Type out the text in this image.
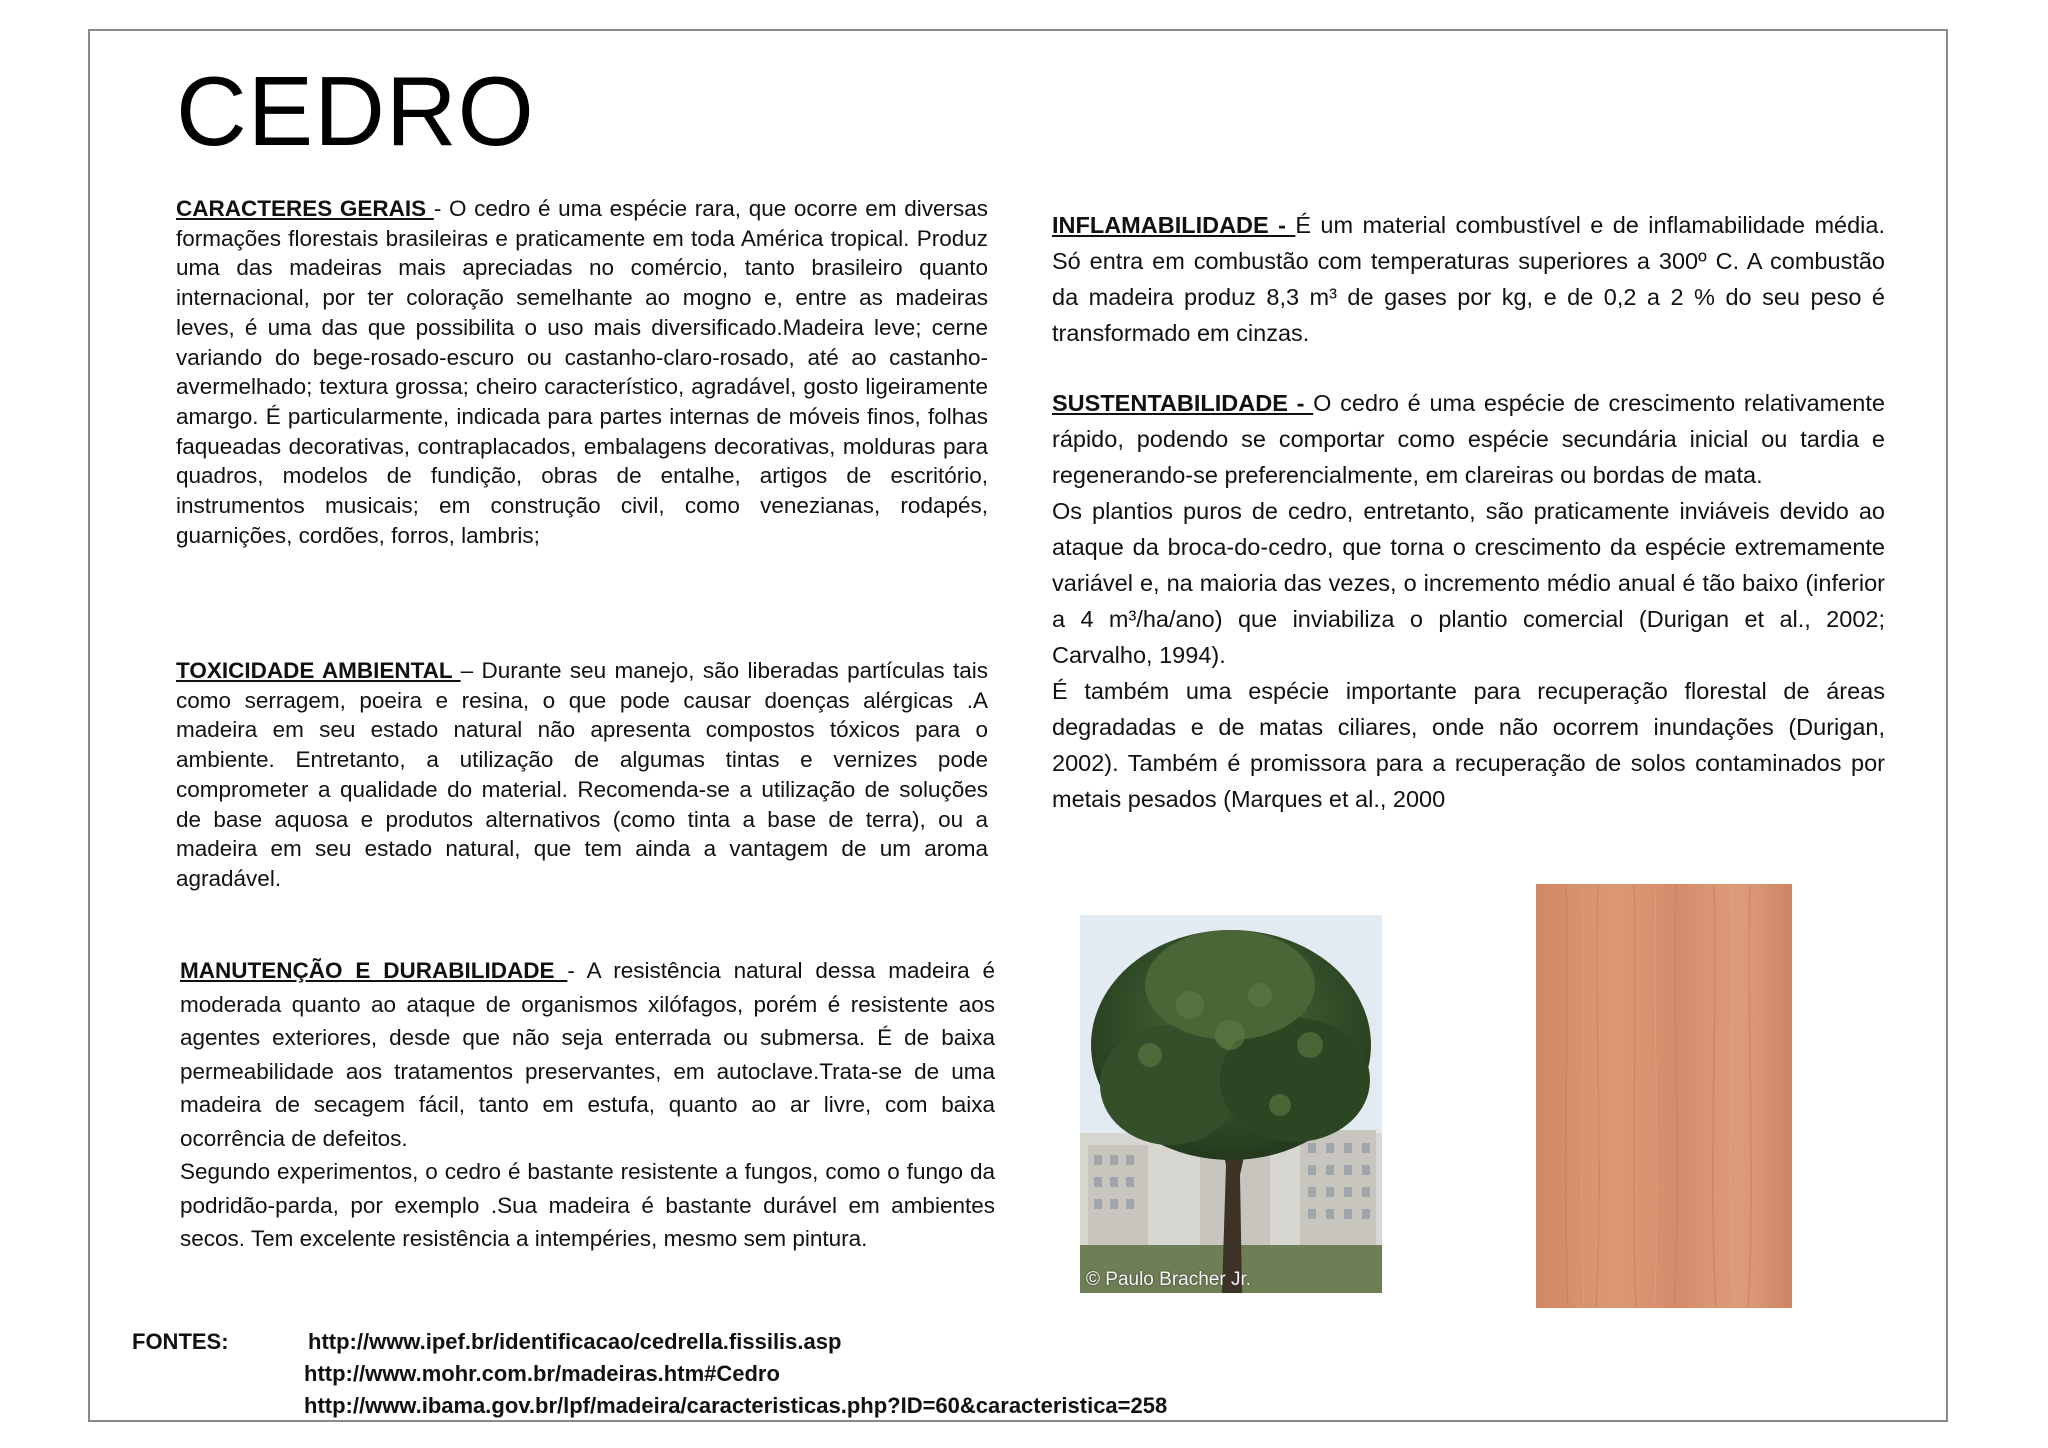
CEDRO

CARACTERES GERAIS - O cedro é uma espécie rara, que ocorre em diversas formações florestais brasileiras e praticamente em toda América tropical. Produz uma das madeiras mais apreciadas no comércio, tanto brasileiro quanto internacional, por ter coloração semelhante ao mogno e, entre as madeiras leves, é uma das que possibilita o uso mais diversificado.Madeira leve; cerne variando do bege-rosado-escuro ou castanho-claro-rosado, até ao castanho-avermelhado; textura grossa; cheiro característico, agradável, gosto ligeiramente amargo. É particularmente, indicada para partes internas de móveis finos, folhas faqueadas decorativas, contraplacados, embalagens decorativas, molduras para quadros, modelos de fundição, obras de entalhe, artigos de escritório, instrumentos musicais; em construção civil, como venezianas, rodapés, guarnições, cordões, forros, lambris;

TOXICIDADE AMBIENTAL – Durante seu manejo, são liberadas partículas tais como serragem, poeira e resina, o que pode causar doenças alérgicas .A madeira em seu estado natural não apresenta compostos tóxicos para o ambiente. Entretanto, a utilização de algumas tintas e vernizes pode comprometer a qualidade do material. Recomenda-se a utilização de soluções de base aquosa e produtos alternativos (como tinta a base de terra), ou a madeira em seu estado natural, que tem ainda a vantagem de um aroma agradável.

MANUTENÇÃO E DURABILIDADE - A resistência natural dessa madeira é moderada quanto ao ataque de organismos xilófagos, porém é resistente aos agentes exteriores, desde que não seja enterrada ou submersa. É de baixa permeabilidade aos tratamentos preservantes, em autoclave.Trata-se de uma madeira de secagem fácil, tanto em estufa, quanto ao ar livre, com baixa ocorrência de defeitos.
Segundo experimentos, o cedro é bastante resistente a fungos, como o fungo da podridão-parda, por exemplo .Sua madeira é bastante durável em ambientes secos. Tem excelente resistência a intempéries, mesmo sem pintura.

INFLAMABILIDADE - É um material combustível e de inflamabilidade média. Só entra em combustão com temperaturas superiores a 300º C. A combustão da madeira produz 8,3 m³ de gases por kg, e de 0,2 a 2 % do seu peso é transformado em cinzas.

SUSTENTABILIDADE - O cedro é uma espécie de crescimento relativamente rápido, podendo se comportar como espécie secundária inicial ou tardia e regenerando-se preferencialmente, em clareiras ou bordas de mata.
Os plantios puros de cedro, entretanto, são praticamente inviáveis devido ao ataque da broca-do-cedro, que torna o crescimento da espécie extremamente variável e, na maioria das vezes, o incremento médio anual é tão baixo (inferior a 4 m³/ha/ano) que inviabiliza o plantio comercial (Durigan et al., 2002; Carvalho, 1994).
É também uma espécie importante para recuperação florestal de áreas degradadas e de matas ciliares, onde não ocorrem inundações (Durigan, 2002). Também é promissora para a recuperação de solos contaminados por metais pesados (Marques et al., 2000

© Paulo Bracher Jr.
FONTES:	http://www.ipef.br/identificacao/cedrella.fissilis.asp
http://www.mohr.com.br/madeiras.htm#Cedro
http://www.ibama.gov.br/lpf/madeira/caracteristicas.php?ID=60&caracteristica=258
